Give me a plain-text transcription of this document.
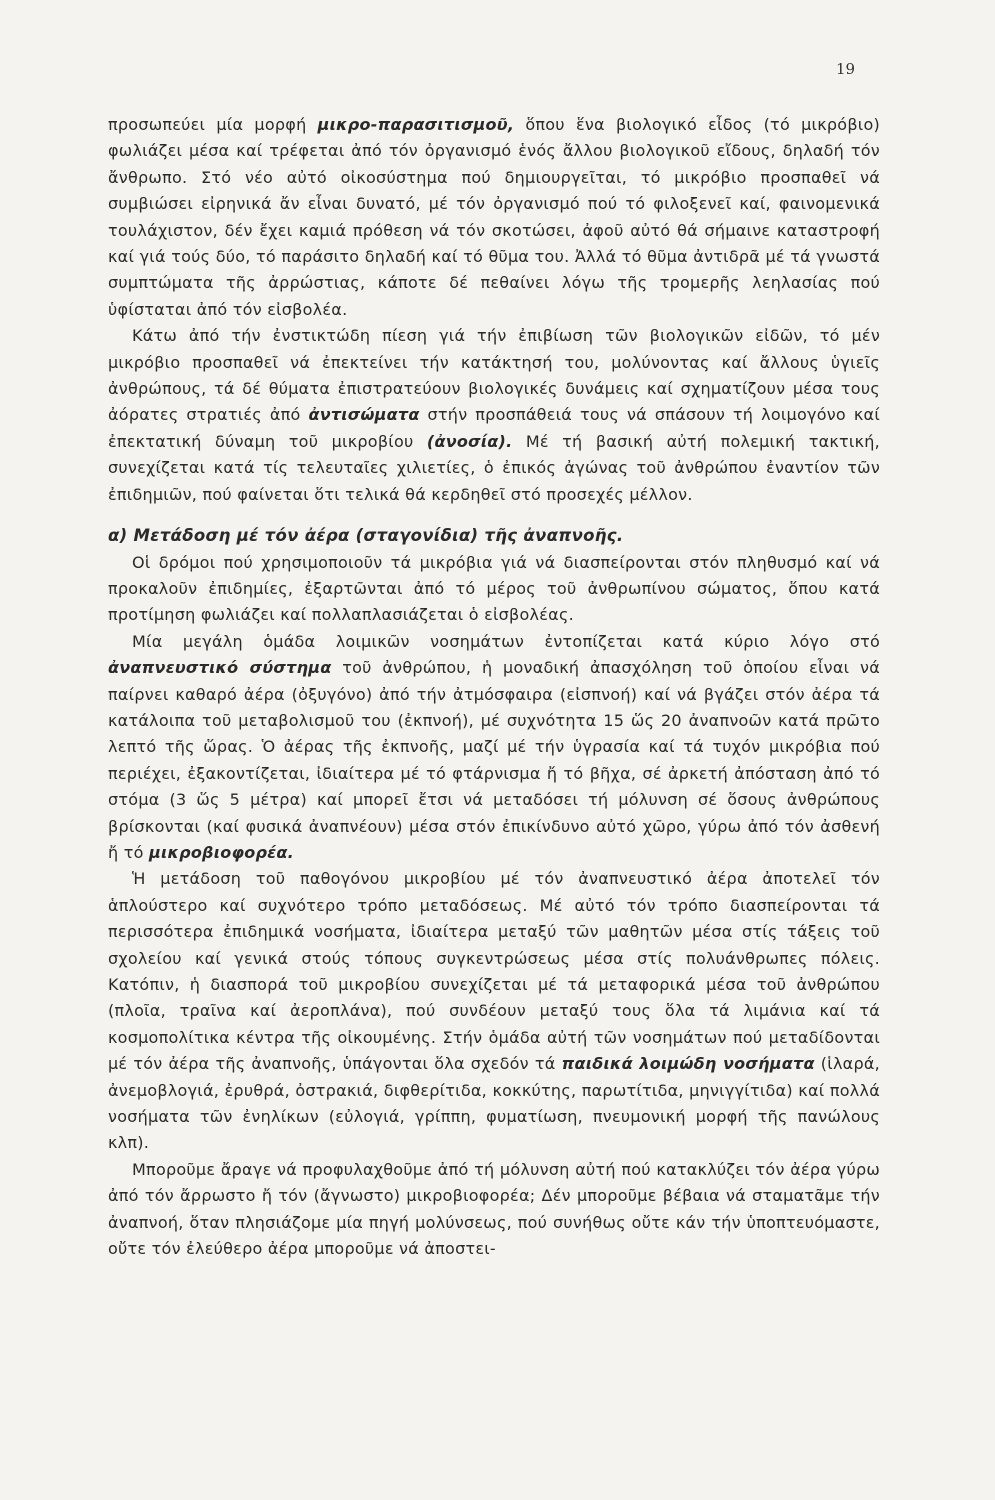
19

προσωπεύει μία μορφή μικρο-παρασιτισμοῦ, ὅπου ἕνα βιολογικό εἶδος (τό μικρόβιο) φωλιάζει μέσα καί τρέφεται ἀπό τόν ὀργανισμό ἑνός ἄλλου βιολογικοῦ εἴδους, δηλαδή τόν ἄνθρωπο. Στό νέο αὐτό οἰκοσύστημα πού δημιουργεῖται, τό μικρόβιο προσπαθεῖ νά συμβιώσει εἰρηνικά ἄν εἶναι δυνατό, μέ τόν ὀργανισμό πού τό φιλοξενεῖ καί, φαινομενικά τουλάχιστον, δέν ἔχει καμιά πρόθεση νά τόν σκοτώσει, ἀφοῦ αὐτό θά σήμαινε καταστροφή καί γιά τούς δύο, τό παράσιτο δηλαδή καί τό θῦμα του. Ἀλλά τό θῦμα ἀντιδρᾶ μέ τά γνωστά συμπτώματα τῆς ἀρρώστιας, κάποτε δέ πεθαίνει λόγω τῆς τρομερῆς λεηλασίας πού ὑφίσταται ἀπό τόν εἰσβολέα.

Κάτω ἀπό τήν ἐνστικτώδη πίεση γιά τήν ἐπιβίωση τῶν βιολογικῶν εἰδῶν, τό μέν μικρόβιο προσπαθεῖ νά ἐπεκτείνει τήν κατάκτησή του, μολύνοντας καί ἄλλους ὑγιεῖς ἀνθρώπους, τά δέ θύματα ἐπιστρατεύουν βιολογικές δυνάμεις καί σχηματίζουν μέσα τους ἀόρατες στρατιές ἀπό ἀντισώματα στήν προσπάθειά τους νά σπάσουν τή λοιμογόνο καί ἐπεκτατική δύναμη τοῦ μικροβίου (ἀνοσία). Μέ τή βασική αὐτή πολεμική τακτική, συνεχίζεται κατά τίς τελευταῖες χιλιετίες, ὁ ἐπικός ἀγώνας τοῦ ἀνθρώπου ἐναντίον τῶν ἐπιδημιῶν, πού φαίνεται ὅτι τελικά θά κερδηθεῖ στό προσεχές μέλλον.

α) Μετάδοση μέ τόν ἀέρα (σταγονίδια) τῆς ἀναπνοῆς.

Οἱ δρόμοι πού χρησιμοποιοῦν τά μικρόβια γιά νά διασπείρονται στόν πληθυσμό καί νά προκαλοῦν ἐπιδημίες, ἐξαρτῶνται ἀπό τό μέρος τοῦ ἀνθρωπίνου σώματος, ὅπου κατά προτίμηση φωλιάζει καί πολλαπλασιάζεται ὁ εἰσβολέας.

Μία μεγάλη ὁμάδα λοιμικῶν νοσημάτων ἐντοπίζεται κατά κύριο λόγο στό ἀναπνευστικό σύστημα τοῦ ἀνθρώπου, ἡ μοναδική ἀπασχόληση τοῦ ὁποίου εἶναι νά παίρνει καθαρό ἀέρα (ὀξυγόνο) ἀπό τήν ἀτμόσφαιρα (εἰσπνοή) καί νά βγάζει στόν ἀέρα τά κατάλοιπα τοῦ μεταβολισμοῦ του (ἐκπνοή), μέ συχνότητα 15 ὥς 20 ἀναπνοῶν κατά πρῶτο λεπτό τῆς ὥρας. Ὁ ἀέρας τῆς ἐκπνοῆς, μαζί μέ τήν ὑγρασία καί τά τυχόν μικρόβια πού περιέχει, ἐξακοντίζεται, ἰδιαίτερα μέ τό φτάρνισμα ἤ τό βῆχα, σέ ἀρκετή ἀπόσταση ἀπό τό στόμα (3 ὥς 5 μέτρα) καί μπορεῖ ἔτσι νά μεταδόσει τή μόλυνση σέ ὅσους ἀνθρώπους βρίσκονται (καί φυσικά ἀναπνέουν) μέσα στόν ἐπικίνδυνο αὐτό χῶρο, γύρω ἀπό τόν ἀσθενή ἤ τό μικροβιοφορέα.

Ἡ μετάδοση τοῦ παθογόνου μικροβίου μέ τόν ἀναπνευστικό ἀέρα ἀποτελεῖ τόν ἁπλούστερο καί συχνότερο τρόπο μεταδόσεως. Μέ αὐτό τόν τρόπο διασπείρονται τά περισσότερα ἐπιδημικά νοσήματα, ἰδιαίτερα μεταξύ τῶν μαθητῶν μέσα στίς τάξεις τοῦ σχολείου καί γενικά στούς τόπους συγκεντρώσεως μέσα στίς πολυάνθρωπες πόλεις. Κατόπιν, ἡ διασπορά τοῦ μικροβίου συνεχίζεται μέ τά μεταφορικά μέσα τοῦ ἀνθρώπου (πλοῖα, τραῖνα καί ἀεροπλάνα), πού συνδέουν μεταξύ τους ὅλα τά λιμάνια καί τά κοσμοπολίτικα κέντρα τῆς οἰκουμένης. Στήν ὁμάδα αὐτή τῶν νοσημάτων πού μεταδίδονται μέ τόν ἀέρα τῆς ἀναπνοῆς, ὑπάγονται ὅλα σχεδόν τά παιδικά λοιμώδη νοσήματα (ἱλαρά, ἀνεμοβλογιά, ἐρυθρά, ὀστρακιά, διφθερίτιδα, κοκκύτης, παρωτίτιδα, μηνιγγίτιδα) καί πολλά νοσήματα τῶν ἐνηλίκων (εὐλογιά, γρίππη, φυματίωση, πνευμονική μορφή τῆς πανώλους κλπ).

Μποροῦμε ἄραγε νά προφυλαχθοῦμε ἀπό τή μόλυνση αὐτή πού κατακλύζει τόν ἀέρα γύρω ἀπό τόν ἄρρωστο ἤ τόν (ἄγνωστο) μικροβιοφορέα; Δέν μποροῦμε βέβαια νά σταματᾶμε τήν ἀναπνοή, ὅταν πλησιάζομε μία πηγή μολύνσεως, πού συνήθως οὔτε κάν τήν ὑποπτευόμαστε, οὔτε τόν ἐλεύθερο ἀέρα μποροῦμε νά ἀποστει-
